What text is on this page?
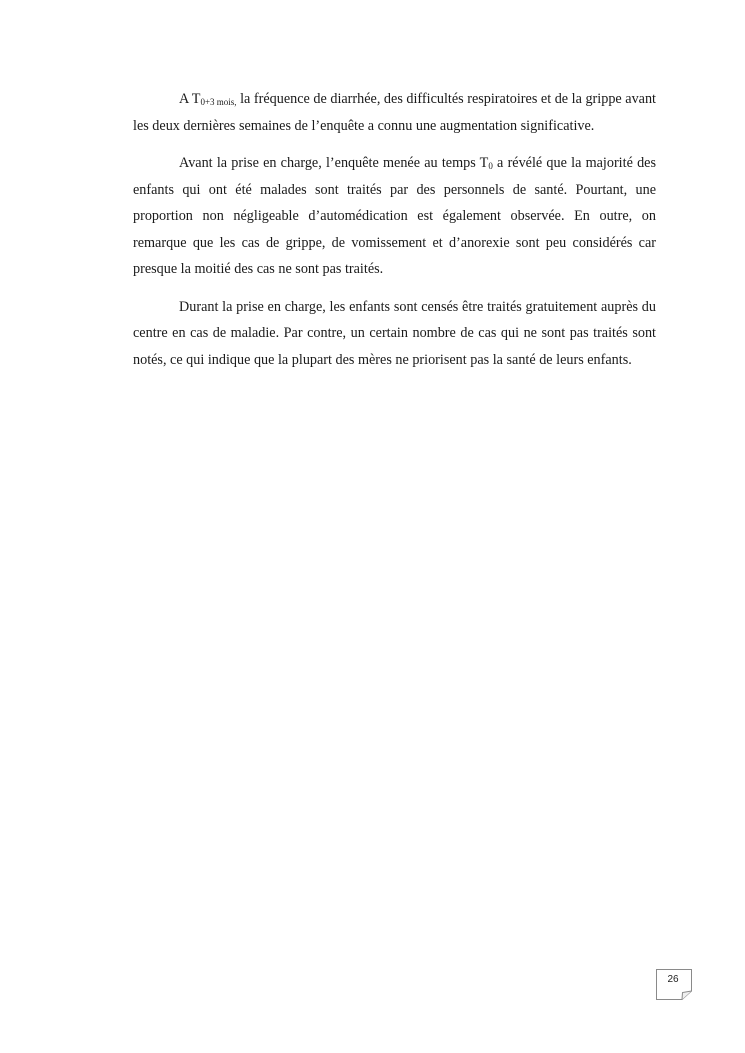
A $T_{0+3 mois,}$ la fréquence de diarrhée, des difficultés respiratoires et de la grippe avant les deux dernières semaines de l’enquête a connu une augmentation significative.

Avant la prise en charge, l’enquête menée au temps $T_0$ a révélé que la majorité des enfants qui ont été malades sont traités par des personnels de santé. Pourtant, une proportion non négligeable d’automédication est également observée. En outre, on remarque que les cas de grippe, de vomissement et d’anorexie sont peu considérés car presque la moitié des cas ne sont pas traités.

Durant la prise en charge, les enfants sont censés être traités gratuitement auprès du centre en cas de maladie. Par contre, un certain nombre de cas qui ne sont pas traités sont notés, ce qui indique que la plupart des mères ne priorisent pas la santé de leurs enfants.

26
